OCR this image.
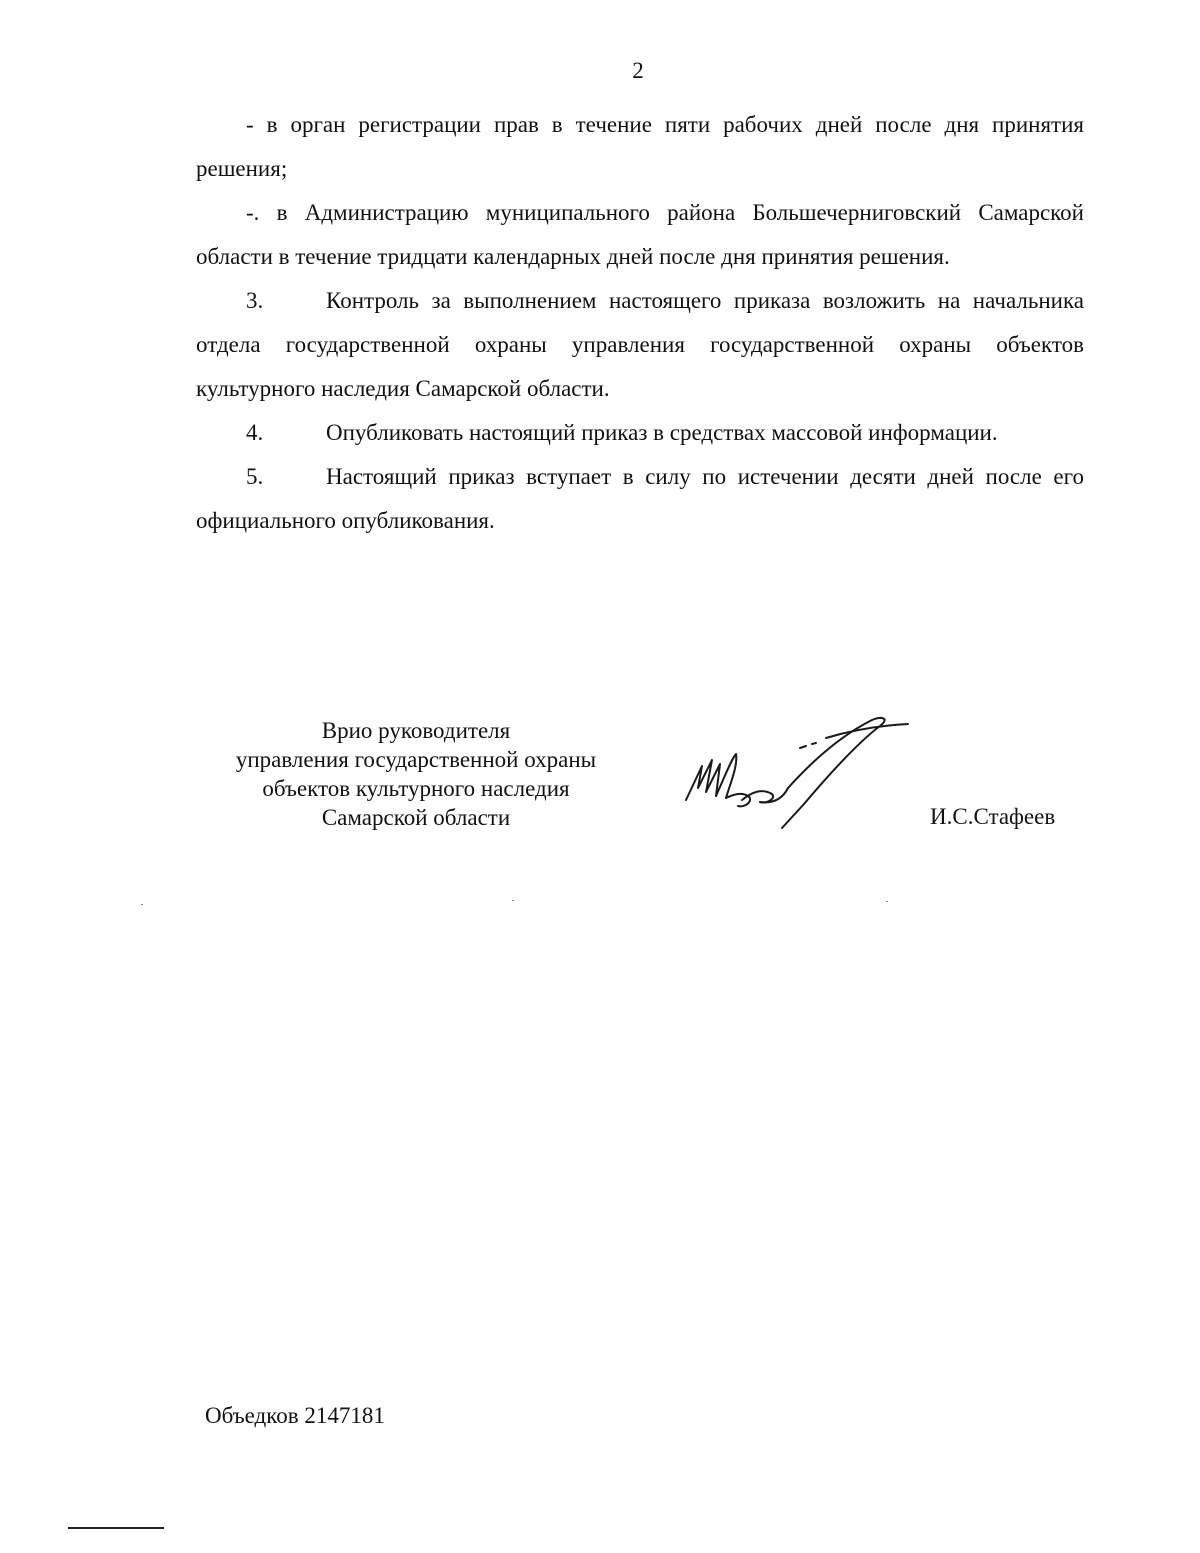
2

- в орган регистрации прав в течение пяти рабочих дней после дня принятия решения;

-. в Администрацию муниципального района Большечерниговский Самарской области в течение тридцати календарных дней после дня принятия решения.

3.	Контроль за выполнением настоящего приказа возложить на начальника отдела государственной охраны управления государственной охраны объектов культурного наследия Самарской области.

4.	Опубликовать настоящий приказ в средствах массовой информации.

5.	Настоящий приказ вступает в силу по истечении десяти дней после его официального опубликования.

Врио руководителя
управления государственной охраны
объектов культурного наследия
Самарской области	И.С.Стафеев
Объедков 2147181
